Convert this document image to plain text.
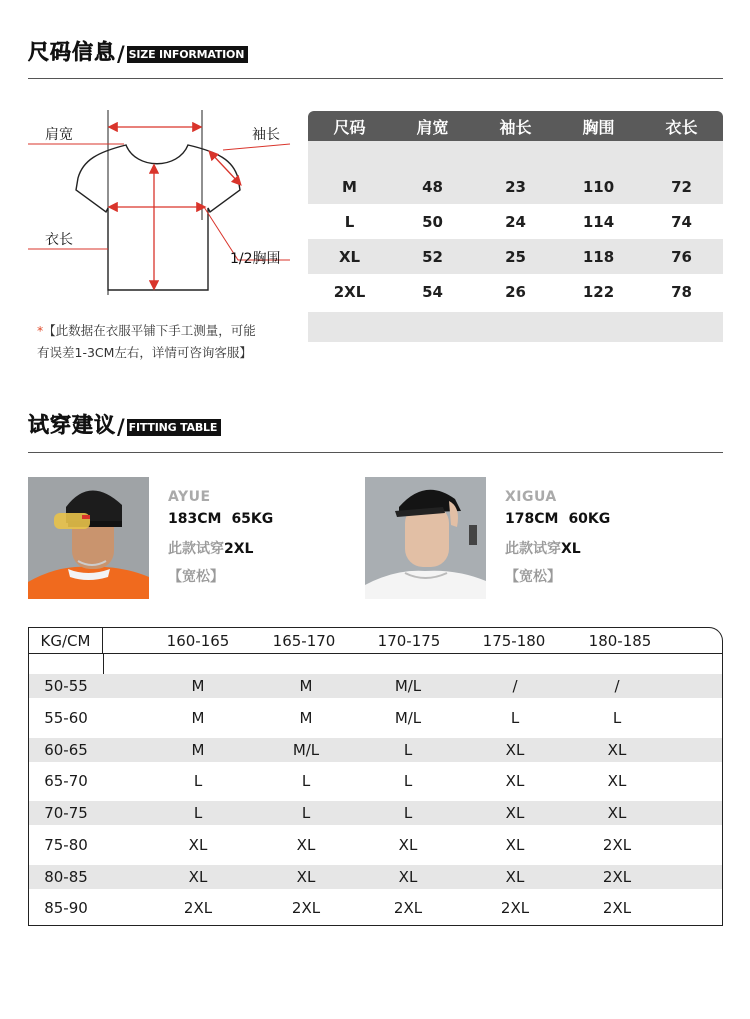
尺码信息 / SIZE INFORMATION
肩宽	袖长
衣长
1/2胸围
尺码	肩宽	袖长	胸围	衣长
M	48	23	110	72
L	50	24	114	74
XL	52	25	118	76
2XL	54	26	122	78
*【此数据在衣服平铺下手工测量，可能
有误差1-3CM左右，详情可咨询客服】
试穿建议 / FITTING TABLE
AYUE
183CM 65KG
此款试穿2XL
【宽松】
XIGUA
178CM 60KG
此款试穿XL
【宽松】
KG/CM	160-165	165-170	170-175	175-180	180-185
50-55	M	M	M/L	/	/
55-60	M	M	M/L	L	L
60-65	M	M/L	L	XL	XL
65-70	L	L	L	XL	XL
70-75	L	L	L	XL	XL
75-80	XL	XL	XL	XL	2XL
80-85	XL	XL	XL	XL	2XL
85-90	2XL	2XL	2XL	2XL	2XL
